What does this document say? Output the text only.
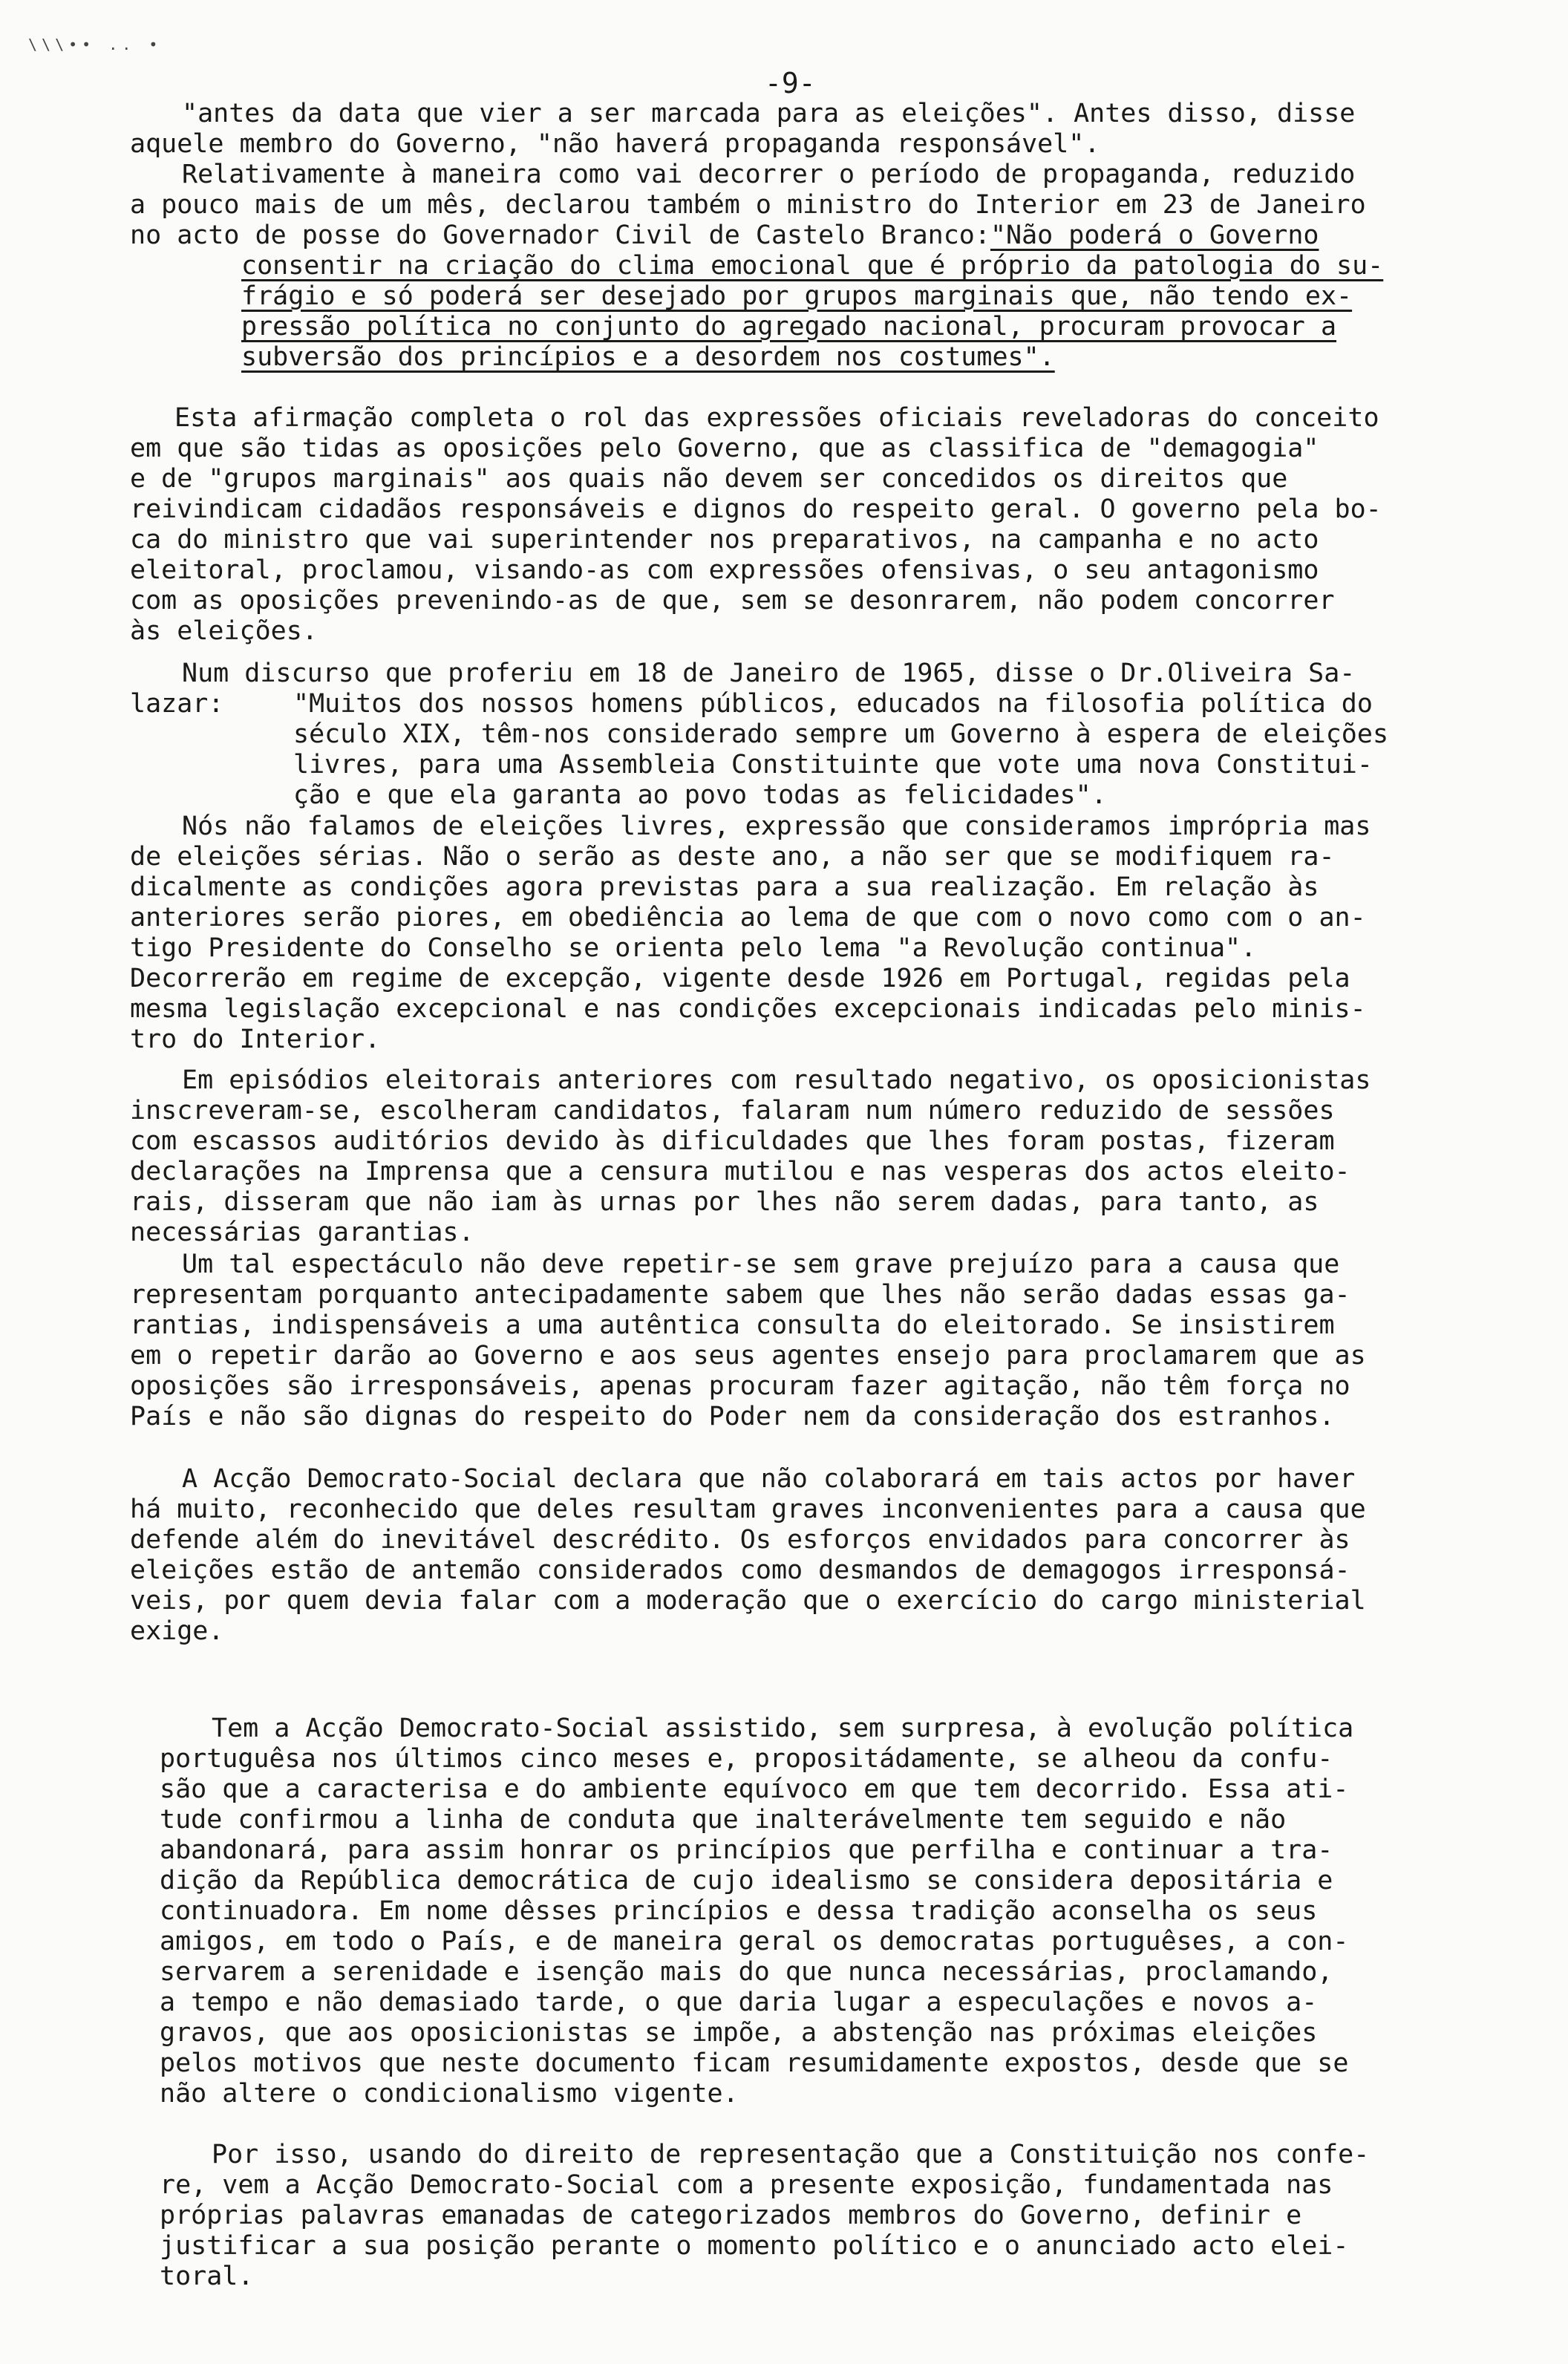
\\\•• .. •
-9-
"antes da data que vier a ser marcada para as eleições". Antes disso, disse
aquele membro do Governo, "não haverá propaganda responsável".
Relativamente à maneira como vai decorrer o período de propaganda, reduzido
a pouco mais de um mês, declarou também o ministro do Interior em 23 de Janeiro
no acto de posse do Governador Civil de Castelo Branco:"Não poderá o Governo
consentir na criação do clima emocional que é próprio da patologia do su-
frágio e só poderá ser desejado por grupos marginais que, não tendo ex-
pressão política no conjunto do agregado nacional, procuram provocar a
subversão dos princípios e a desordem nos costumes".
Esta afirmação completa o rol das expressões oficiais reveladoras do conceito
em que são tidas as oposições pelo Governo, que as classifica de "demagogia"
e de "grupos marginais" aos quais não devem ser concedidos os direitos que
reivindicam cidadãos responsáveis e dignos do respeito geral. O governo pela bo-
ca do ministro que vai superintender nos preparativos, na campanha e no acto
eleitoral, proclamou, visando-as com expressões ofensivas, o seu antagonismo
com as oposições prevenindo-as de que, sem se desonrarem, não podem concorrer
às eleições.
Num discurso que proferiu em 18 de Janeiro de 1965, disse o Dr.Oliveira Sa-
lazar:	"Muitos dos nossos homens públicos, educados na filosofia política do
século XIX, têm-nos considerado sempre um Governo à espera de eleições
livres, para uma Assembleia Constituinte que vote uma nova Constitui-
ção e que ela garanta ao povo todas as felicidades".
Nós não falamos de eleições livres, expressão que consideramos imprópria mas
de eleições sérias. Não o serão as deste ano, a não ser que se modifiquem ra-
dicalmente as condições agora previstas para a sua realização. Em relação às
anteriores serão piores, em obediência ao lema de que com o novo como com o an-
tigo Presidente do Conselho se orienta pelo lema "a Revolução continua".
Decorrerão em regime de excepção, vigente desde 1926 em Portugal, regidas pela
mesma legislação excepcional e nas condições excepcionais indicadas pelo minis-
tro do Interior.
Em episódios eleitorais anteriores com resultado negativo, os oposicionistas
inscreveram-se, escolheram candidatos, falaram num número reduzido de sessões
com escassos auditórios devido às dificuldades que lhes foram postas, fizeram
declarações na Imprensa que a censura mutilou e nas vesperas dos actos eleito-
rais, disseram que não iam às urnas por lhes não serem dadas, para tanto, as
necessárias garantias.
Um tal espectáculo não deve repetir-se sem grave prejuízo para a causa que
representam porquanto antecipadamente sabem que lhes não serão dadas essas ga-
rantias, indispensáveis a uma autêntica consulta do eleitorado. Se insistirem
em o repetir darão ao Governo e aos seus agentes ensejo para proclamarem que as
oposições são irresponsáveis, apenas procuram fazer agitação, não têm força no
País e não são dignas do respeito do Poder nem da consideração dos estranhos.
A Acção Democrato-Social declara que não colaborará em tais actos por haver
há muito, reconhecido que deles resultam graves inconvenientes para a causa que
defende além do inevitável descrédito. Os esforços envidados para concorrer às
eleições estão de antemão considerados como desmandos de demagogos irresponsá-
veis, por quem devia falar com a moderação que o exercício do cargo ministerial
exige.
Tem a Acção Democrato-Social assistido, sem surpresa, à evolução política
portuguêsa nos últimos cinco meses e, propositádamente, se alheou da confu-
são que a caracterisa e do ambiente equívoco em que tem decorrido. Essa ati-
tude confirmou a linha de conduta que inalterávelmente tem seguido e não
abandonará, para assim honrar os princípios que perfilha e continuar a tra-
dição da República democrática de cujo idealismo se considera depositária e
continuadora. Em nome dêsses princípios e dessa tradição aconselha os seus
amigos, em todo o País, e de maneira geral os democratas portuguêses, a con-
servarem a serenidade e isenção mais do que nunca necessárias, proclamando,
a tempo e não demasiado tarde, o que daria lugar a especulações e novos a-
gravos, que aos oposicionistas se impõe, a abstenção nas próximas eleições
pelos motivos que neste documento ficam resumidamente expostos, desde que se
não altere o condicionalismo vigente.
Por isso, usando do direito de representação que a Constituição nos confe-
re, vem a Acção Democrato-Social com a presente exposição, fundamentada nas
próprias palavras emanadas de categorizados membros do Governo, definir e
justificar a sua posição perante o momento político e o anunciado acto elei-
toral.
